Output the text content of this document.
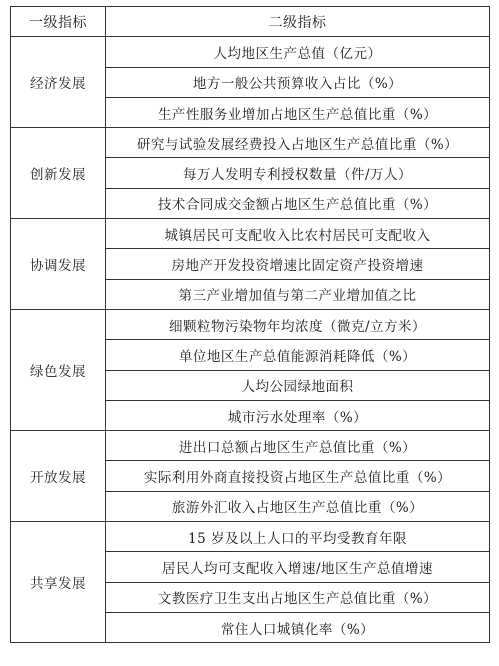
一级指标	二级指标
经济发展	人均地区生产总值（亿元）
	地方一般公共预算收入占比（%）
	生产性服务业增加占地区生产总值比重（%）
创新发展	研究与试验发展经费投入占地区生产总值比重（%）
	每万人发明专利授权数量（件/万人）
	技术合同成交金额占地区生产总值比重（%）
协调发展	城镇居民可支配收入比农村居民可支配收入
	房地产开发投资增速比固定资产投资增速
	第三产业增加值与第二产业增加值之比
绿色发展	细颗粒物污染物年均浓度（微克/立方米）
	单位地区生产总值能源消耗降低（%）
	人均公园绿地面积
	城市污水处理率（%）
开放发展	进出口总额占地区生产总值比重（%）
	实际利用外商直接投资占地区生产总值比重（%）
	旅游外汇收入占地区生产总值比重（%）
共享发展	15 岁及以上人口的平均受教育年限
	居民人均可支配收入增速/地区生产总值增速
	文教医疗卫生支出占地区生产总值比重（%）
	常住人口城镇化率（%）
